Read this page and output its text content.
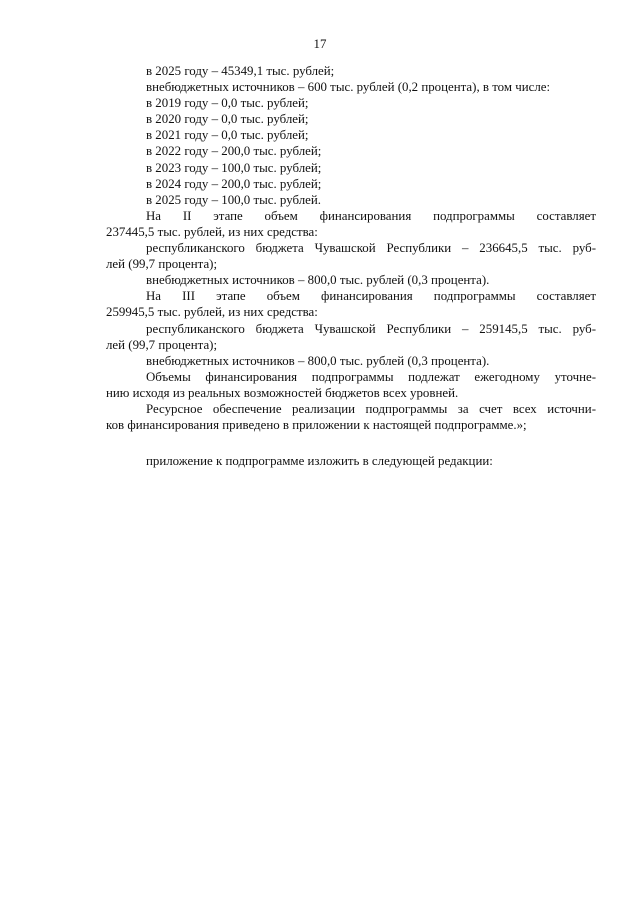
17

в 2025 году – 45349,1 тыс. рублей;

внебюджетных источников – 600 тыс. рублей (0,2 процента), в том числе:

в 2019 году – 0,0 тыс. рублей;

в 2020 году – 0,0 тыс. рублей;

в 2021 году – 0,0 тыс. рублей;

в 2022 году – 200,0 тыс. рублей;

в 2023 году – 100,0 тыс. рублей;

в 2024 году – 200,0 тыс. рублей;

в 2025 году – 100,0 тыс. рублей.

На II этапе объем финансирования подпрограммы составляет

237445,5 тыс. рублей, из них средства:

республиканского бюджета Чувашской Республики – 236645,5 тыс. руб-

лей (99,7 процента);

внебюджетных источников – 800,0 тыс. рублей (0,3 процента).

На III этапе объем финансирования подпрограммы составляет

259945,5 тыс. рублей, из них средства:

республиканского бюджета Чувашской Республики – 259145,5 тыс. руб-

лей (99,7 процента);

внебюджетных источников – 800,0 тыс. рублей (0,3 процента).

Объемы финансирования подпрограммы подлежат ежегодному уточне-

нию исходя из реальных возможностей бюджетов всех уровней.

Ресурсное обеспечение реализации подпрограммы за счет всех источни-

ков финансирования приведено в приложении к настоящей подпрограмме.»;

приложение к подпрограмме изложить в следующей редакции:
